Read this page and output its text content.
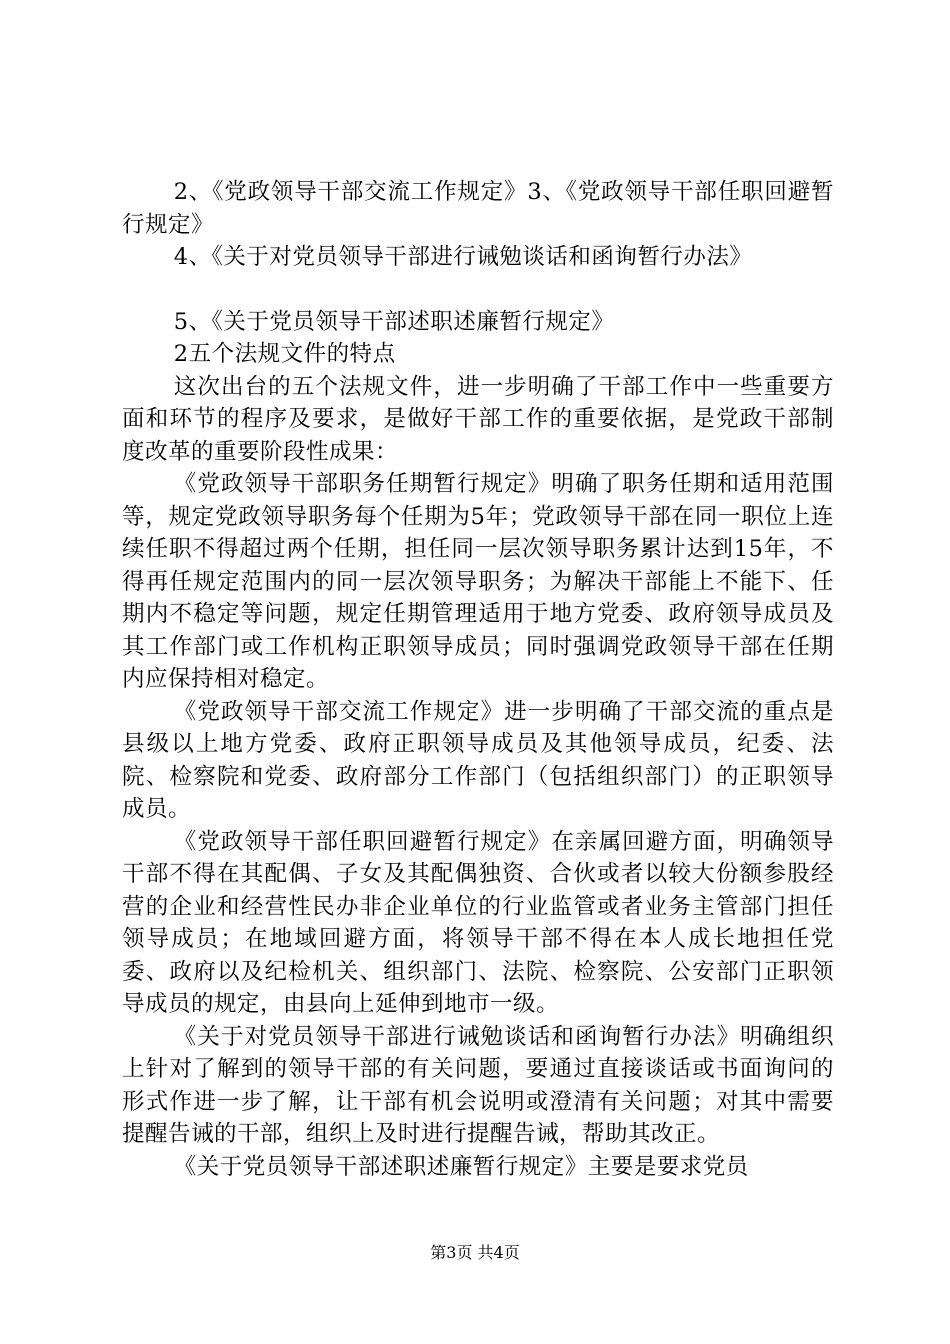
2、《党政领导干部交流工作规定》3、《党政领导干部任职回避暂行规定》

4、《关于对党员领导干部进行诫勉谈话和函询暂行办法》

5、《关于党员领导干部述职述廉暂行规定》

2五个法规文件的特点

这次出台的五个法规文件，进一步明确了干部工作中一些重要方面和环节的程序及要求，是做好干部工作的重要依据，是党政干部制度改革的重要阶段性成果：

《党政领导干部职务任期暂行规定》明确了职务任期和适用范围等，规定党政领导职务每个任期为5年；党政领导干部在同一职位上连续任职不得超过两个任期，担任同一层次领导职务累计达到15年，不得再任规定范围内的同一层次领导职务；为解决干部能上不能下、任期内不稳定等问题，规定任期管理适用于地方党委、政府领导成员及其工作部门或工作机构正职领导成员；同时强调党政领导干部在任期内应保持相对稳定。

《党政领导干部交流工作规定》进一步明确了干部交流的重点是县级以上地方党委、政府正职领导成员及其他领导成员，纪委、法院、检察院和党委、政府部分工作部门（包括组织部门）的正职领导成员。

《党政领导干部任职回避暂行规定》在亲属回避方面，明确领导干部不得在其配偶、子女及其配偶独资、合伙或者以较大份额参股经营的企业和经营性民办非企业单位的行业监管或者业务主管部门担任领导成员；在地域回避方面，将领导干部不得在本人成长地担任党委、政府以及纪检机关、组织部门、法院、检察院、公安部门正职领导成员的规定，由县向上延伸到地市一级。

《关于对党员领导干部进行诫勉谈话和函询暂行办法》明确组织上针对了解到的领导干部的有关问题，要通过直接谈话或书面询问的形式作进一步了解，让干部有机会说明或澄清有关问题；对其中需要提醒告诫的干部，组织上及时进行提醒告诫，帮助其改正。

《关于党员领导干部述职述廉暂行规定》主要是要求党员

第3页 共4页
